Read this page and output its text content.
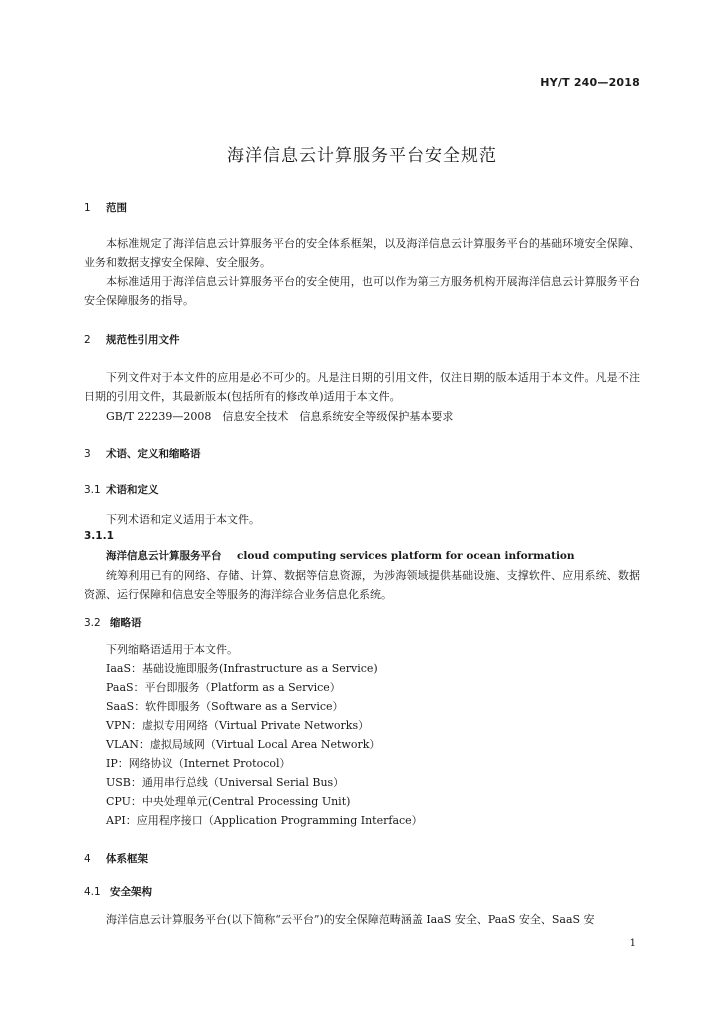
HY/T 240—2018
海洋信息云计算服务平台安全规范
1 范围

本标准规定了海洋信息云计算服务平台的安全体系框架，以及海洋信息云计算服务平台的基础环境安全保障、业务和数据支撑安全保障、安全服务。

本标准适用于海洋信息云计算服务平台的安全使用，也可以作为第三方服务机构开展海洋信息云计算服务平台安全保障服务的指导。

2 规范性引用文件

下列文件对于本文件的应用是必不可少的。凡是注日期的引用文件，仅注日期的版本适用于本文件。凡是不注日期的引用文件，其最新版本(包括所有的修改单)适用于本文件。

GB/T 22239—2008　信息安全技术　信息系统安全等级保护基本要求
3 术语、定义和缩略语
3.1 术语和定义
下列术语和定义适用于本文件。
3.1.1
海洋信息云计算服务平台 cloud computing services platform for ocean information

统筹利用已有的网络、存储、计算、数据等信息资源，为涉海领域提供基础设施、支撑软件、应用系统、数据资源、运行保障和信息安全等服务的海洋综合业务信息化系统。

3.2 缩略语
下列缩略语适用于本文件。
IaaS：基础设施即服务(Infrastructure as a Service)
PaaS：平台即服务（Platform as a Service）
SaaS：软件即服务（Software as a Service）
VPN：虚拟专用网络（Virtual Private Networks）
VLAN：虚拟局域网（Virtual Local Area Network）
IP：网络协议（Internet Protocol）
USB：通用串行总线（Universal Serial Bus）
CPU：中央处理单元(Central Processing Unit)
API：应用程序接口（Application Programming Interface）
4 体系框架
4.1 安全架构
海洋信息云计算服务平台(以下简称“云平台”)的安全保障范畴涵盖 IaaS 安全、PaaS 安全、SaaS 安
1
